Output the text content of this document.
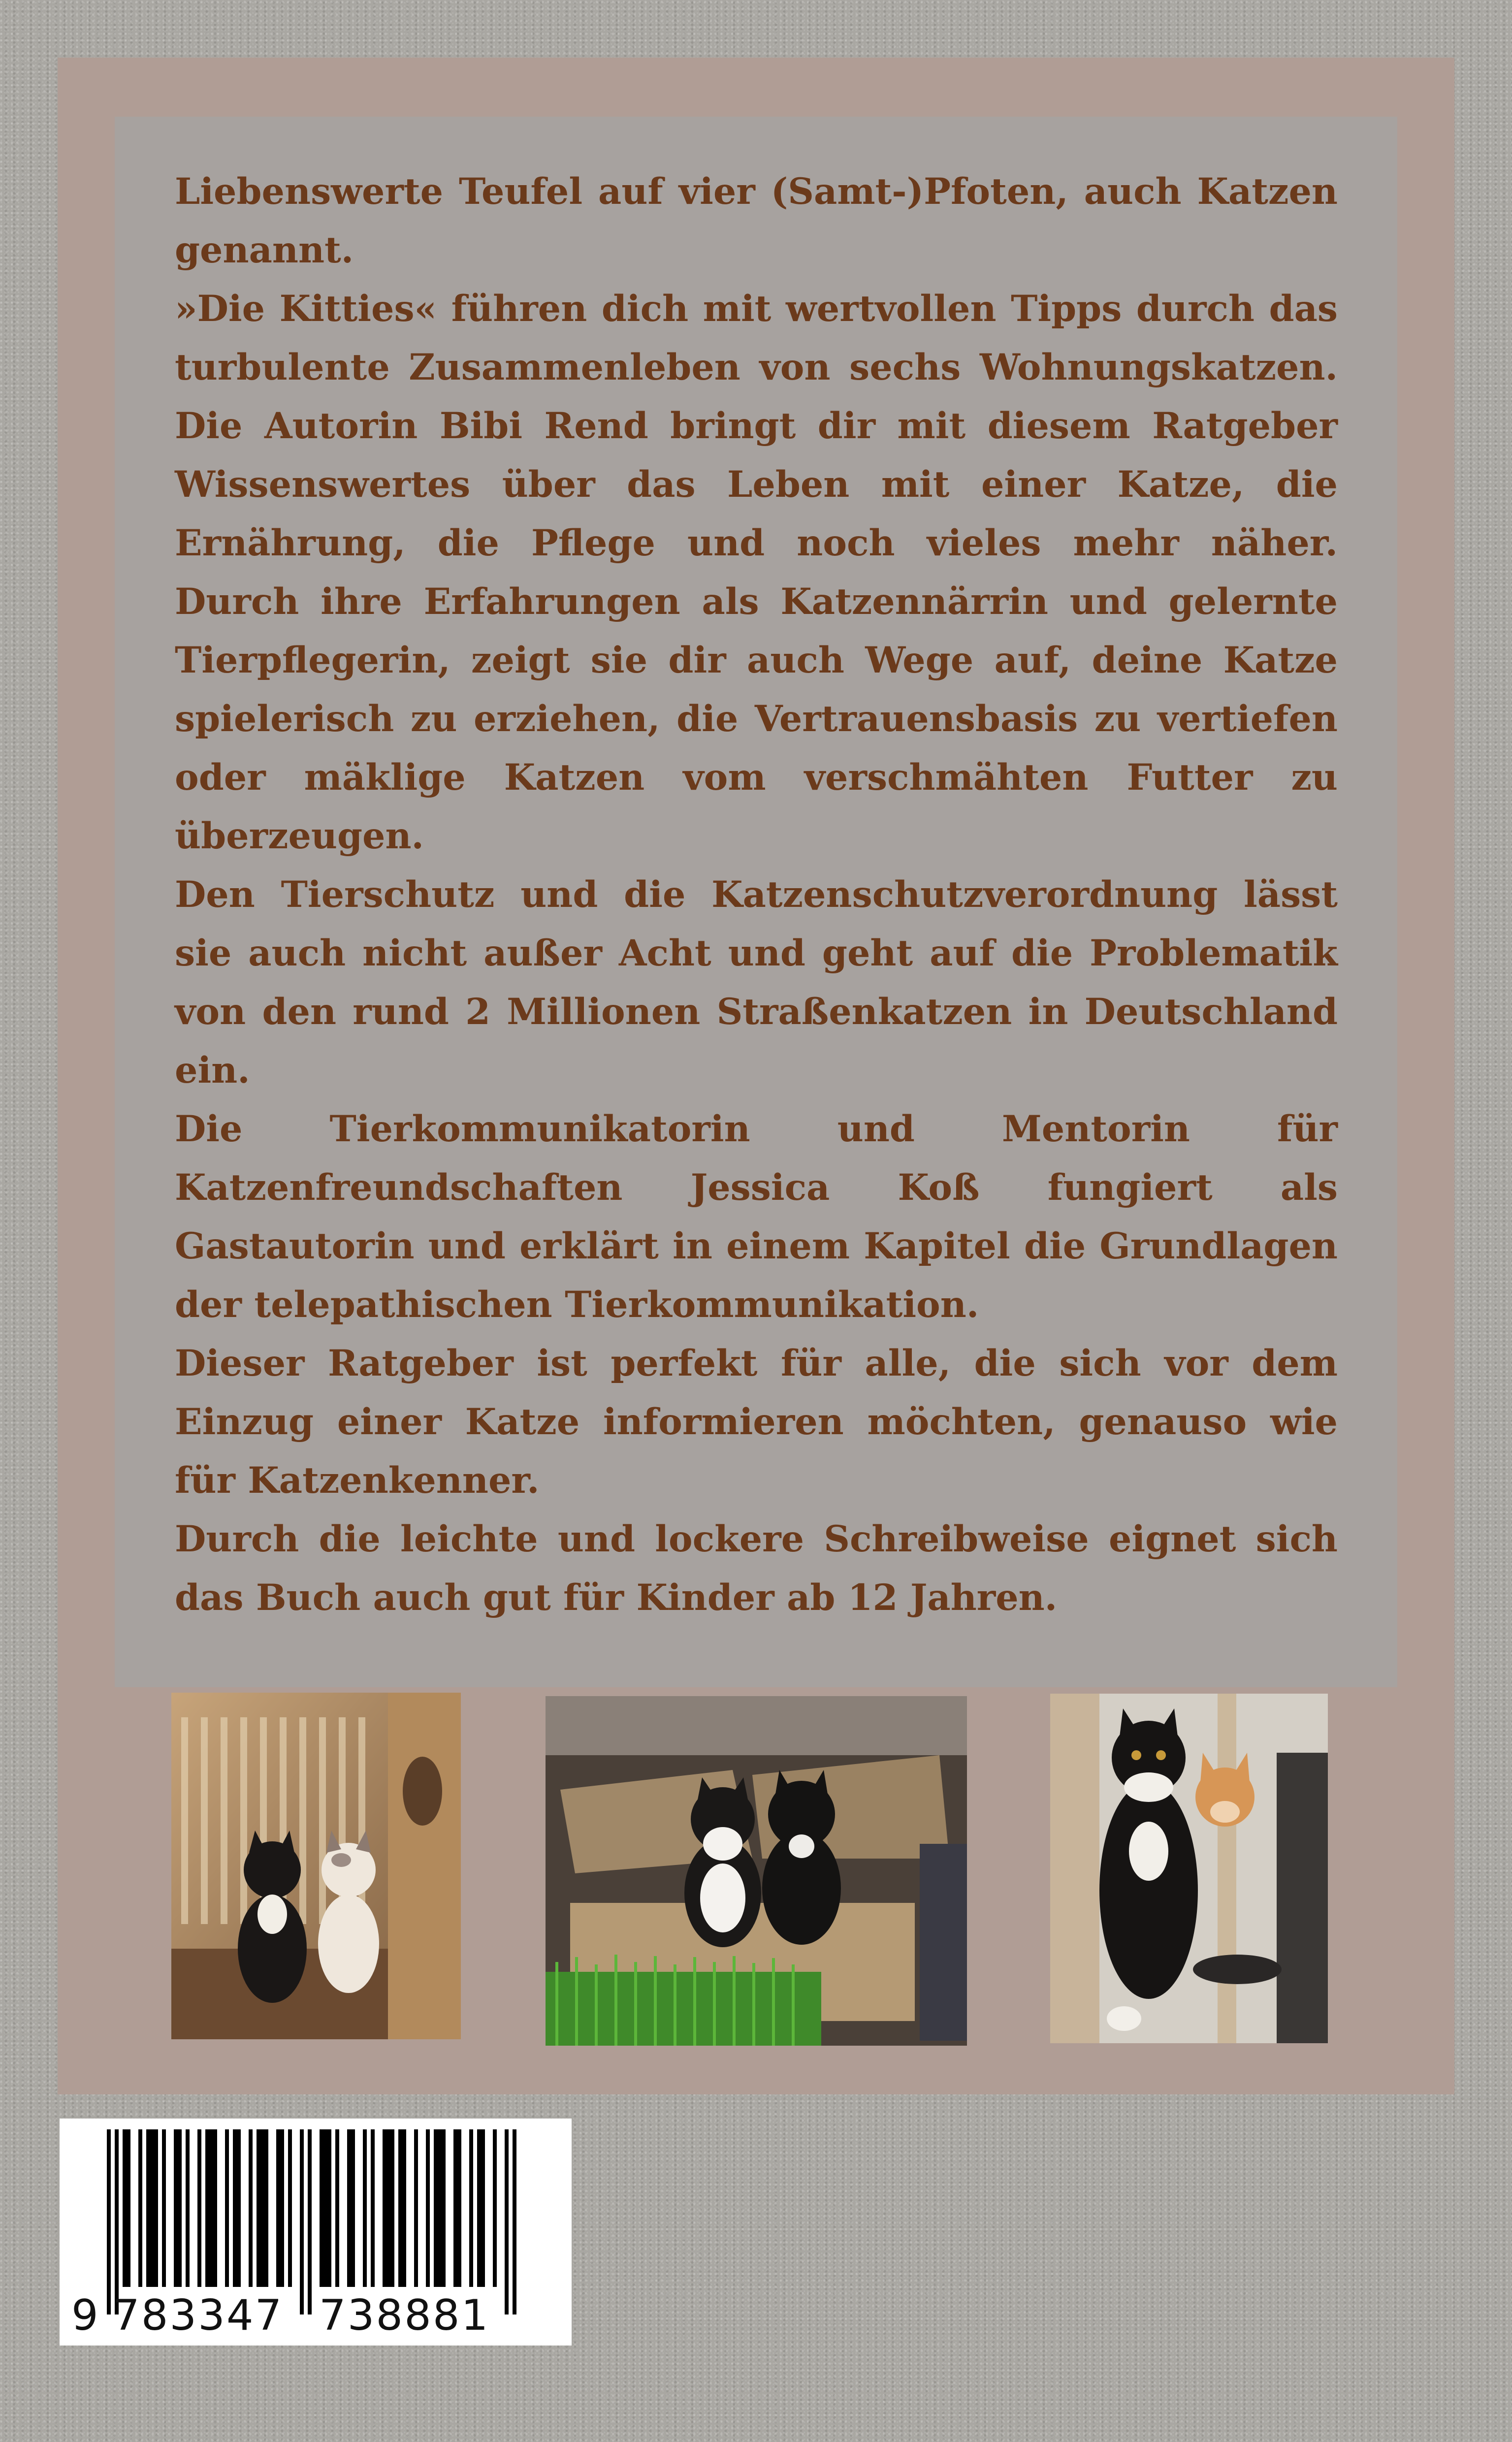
Liebenswerte Teufel auf vier (Samt-)Pfoten, auch Katzen genannt.

»Die Kitties« führen dich mit wertvollen Tipps durch das turbulente Zusammenleben von sechs Wohnungskatzen. Die Autorin Bibi Rend bringt dir mit diesem Ratgeber Wissenswertes über das Leben mit einer Katze, die Ernährung, die Pflege und noch vieles mehr näher. Durch ihre Erfahrungen als Katzennärrin und gelernte Tierpflegerin, zeigt sie dir auch Wege auf, deine Katze spielerisch zu erziehen, die Vertrauensbasis zu vertiefen oder mäklige Katzen vom verschmähten Futter zu überzeugen.

Den Tierschutz und die Katzenschutzverordnung lässt sie auch nicht außer Acht und geht auf die Problematik von den rund 2 Millionen Straßenkatzen in Deutschland ein.

Die Tierkommunikatorin und Mentorin für Katzenfreundschaften Jessica Koß fungiert als Gastautorin und erklärt in einem Kapitel die Grundlagen der telepathischen Tierkommunikation.

Dieser Ratgeber ist perfekt für alle, die sich vor dem Einzug einer Katze informieren möchten, genauso wie für Katzenkenner.

Durch die leichte und lockere Schreibweise eignet sich das Buch auch gut für Kinder ab 12 Jahren.

9 783347 738881
